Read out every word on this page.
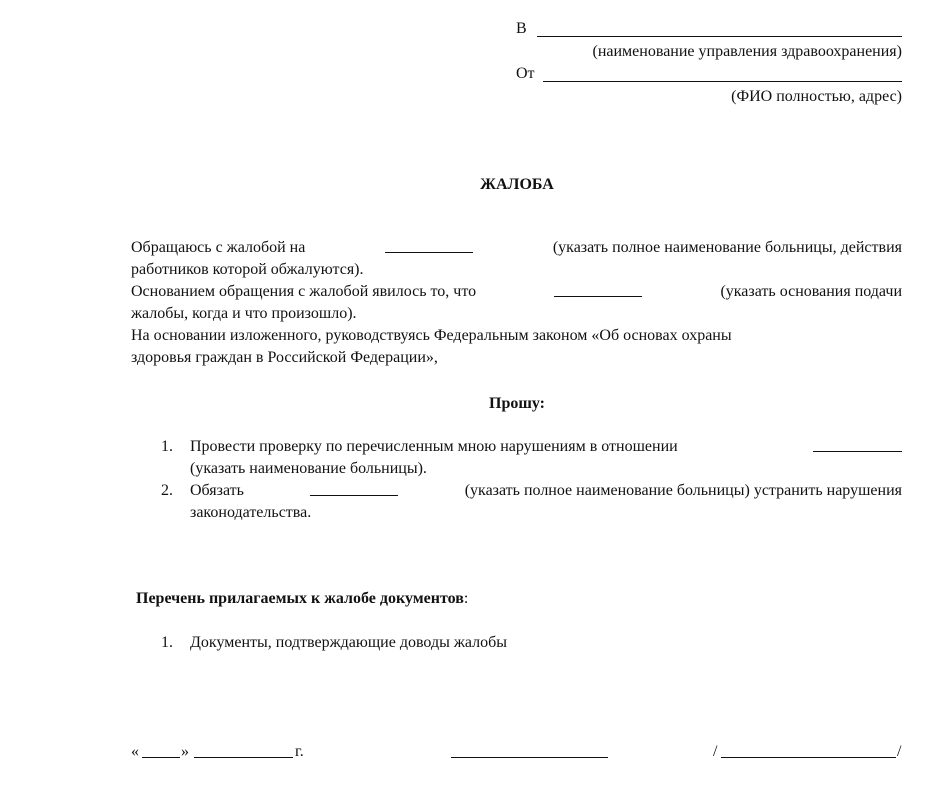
В
(наименование управления здравоохранения)
От
(ФИО полностью, адрес)
ЖАЛОБА
Обращаюсь с жалобой на	(указать полное наименование больницы, действия
работников которой обжалуются).
Основанием обращения с жалобой явилось то, что	(указать основания подачи
жалобы, когда и что произошло).
На основании изложенного, руководствуясь Федеральным законом «Об основах охраны
здоровья граждан в Российской Федерации»,
Прошу:
1. Провести проверку по перечисленным мною нарушениям в отношении
(указать наименование больницы).
2. Обязать	(указать полное наименование больницы) устранить нарушения
законодательства.
Перечень прилагаемых к жалобе документов:
1. Документы, подтверждающие доводы жалобы
«	»	г.	/	/
